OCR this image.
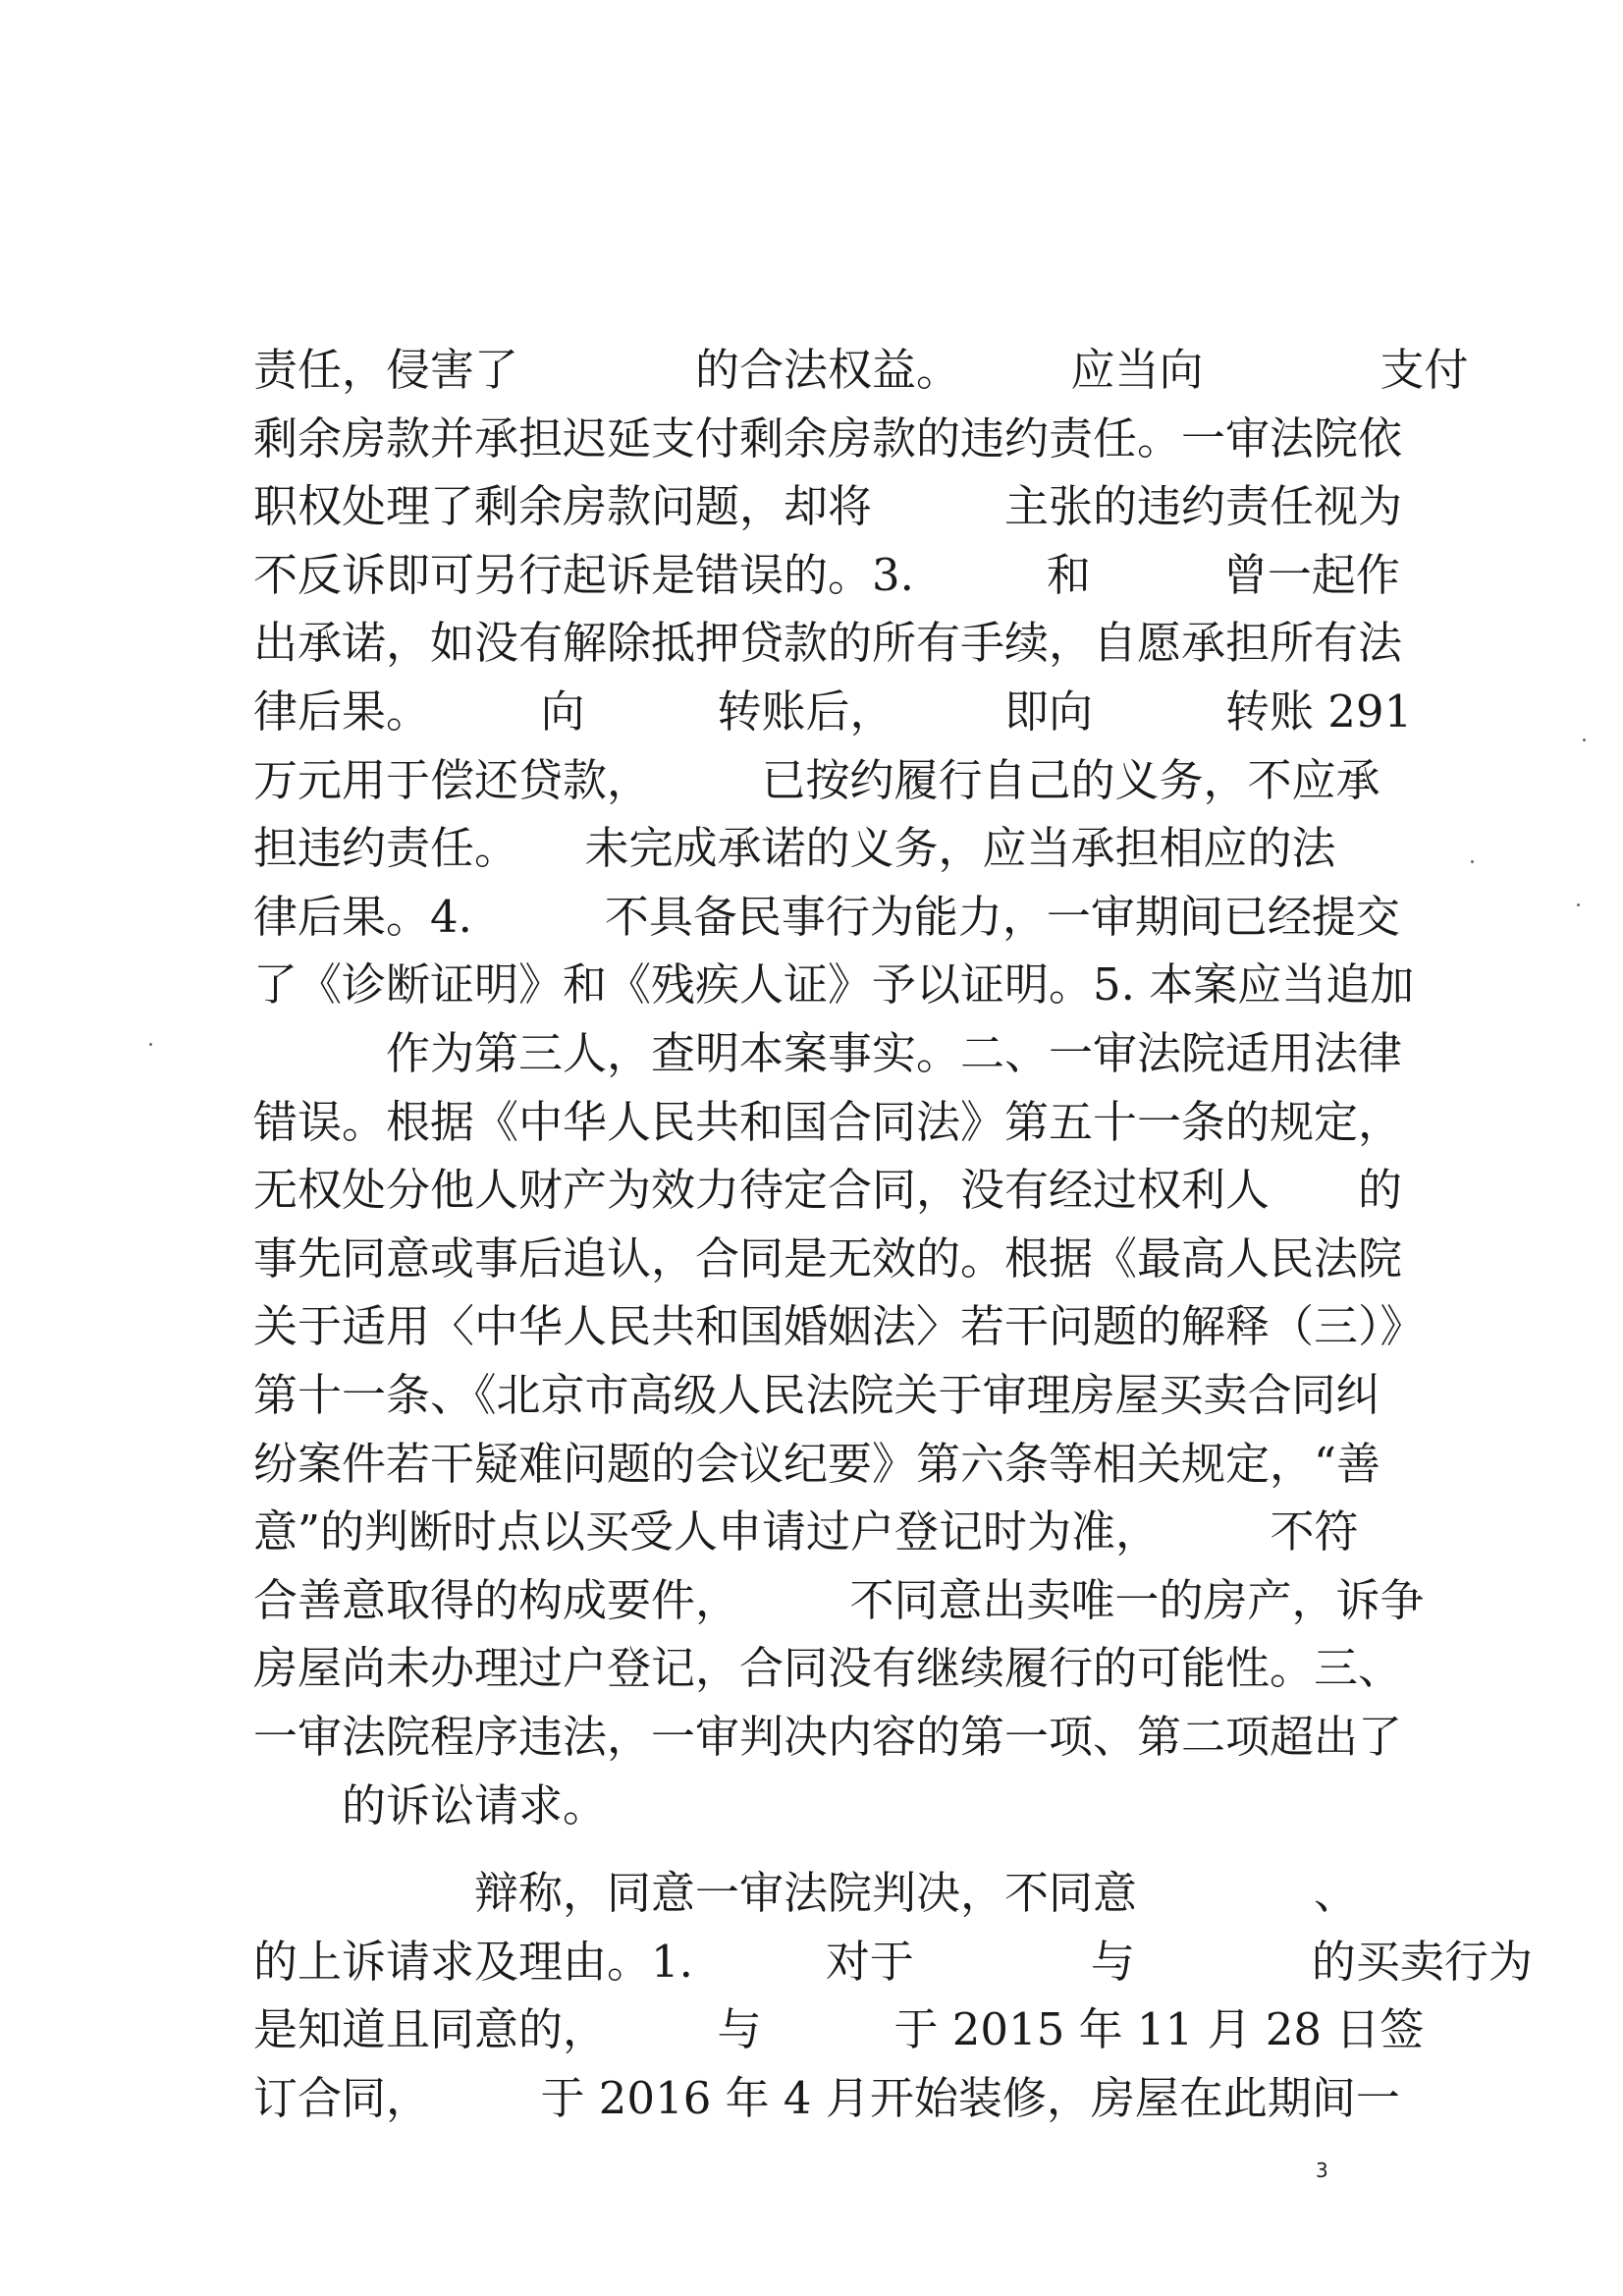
责任，侵害了　　　　的合法权益。　　　应当向　　　　支付
剩余房款并承担迟延支付剩余房款的违约责任。一审法院依
职权处理了剩余房款问题，却将　　　主张的违约责任视为
不反诉即可另行起诉是错误的。3.　　　和　　　曾一起作
出承诺，如没有解除抵押贷款的所有手续，自愿承担所有法
律后果。　　　向　　　转账后，　　　即向　　　转账 291
万元用于偿还贷款，　　　已按约履行自己的义务，不应承
担违约责任。　　未完成承诺的义务，应当承担相应的法
律后果。4.　　　不具备民事行为能力，一审期间已经提交
了《诊断证明》和《残疾人证》予以证明。5. 本案应当追加
　　　作为第三人，查明本案事实。二、一审法院适用法律
错误。根据《中华人民共和国合同法》第五十一条的规定，
无权处分他人财产为效力待定合同，没有经过权利人　　的
事先同意或事后追认，合同是无效的。根据《最高人民法院
关于适用〈中华人民共和国婚姻法〉若干问题的解释（三）》
第十一条、《北京市高级人民法院关于审理房屋买卖合同纠
纷案件若干疑难问题的会议纪要》第六条等相关规定，“善
意”的判断时点以买受人申请过户登记时为准，　　　不符
合善意取得的构成要件，　　　不同意出卖唯一的房产，诉争
房屋尚未办理过户登记，合同没有继续履行的可能性。三、
一审法院程序违法，一审判决内容的第一项、第二项超出了
　　的诉讼请求。
　　　　　辩称，同意一审法院判决，不同意　　　　、
的上诉请求及理由。1.　　　对于　　　　与　　　　的买卖行为
是知道且同意的，　　　与　　　于 2015 年 11 月 28 日签
订合同，　　　于 2016 年 4 月开始装修，房屋在此期间一
3
